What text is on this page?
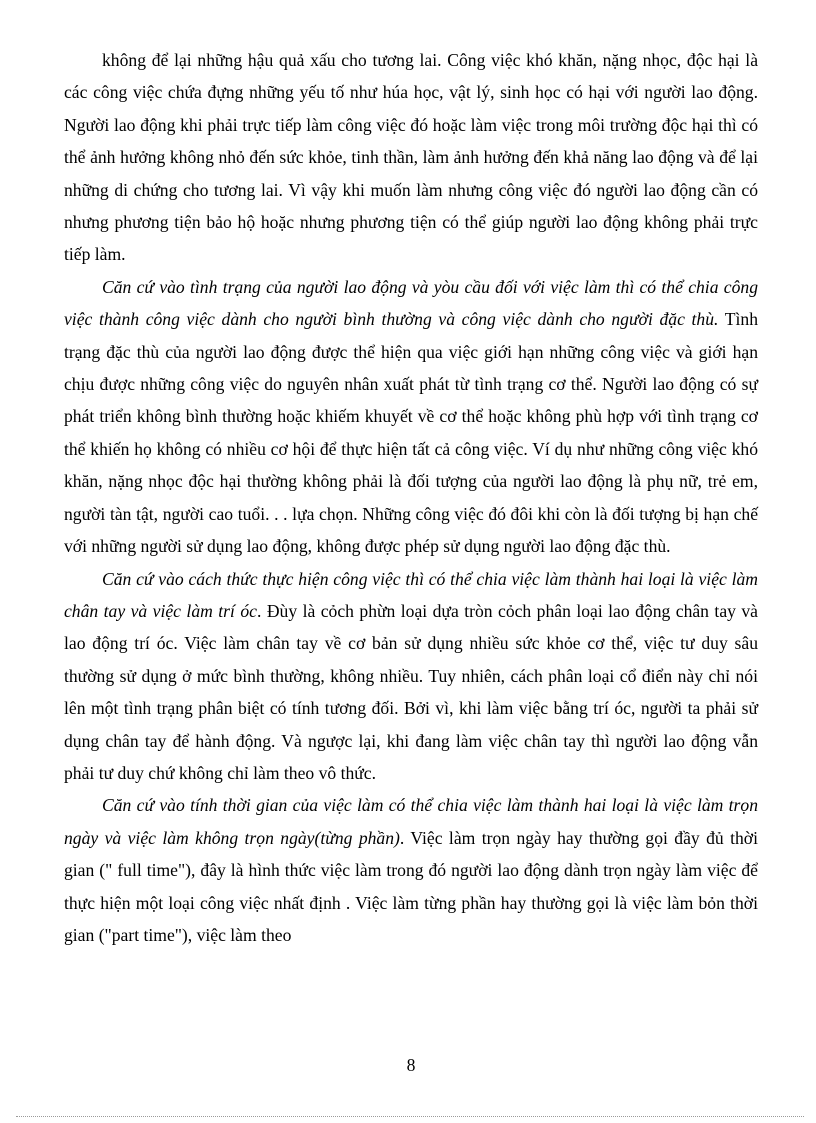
không để lại những hậu quả xấu cho tương lai. Công việc khó khăn, nặng nhọc, độc hại là các công việc chứa đựng những yếu tố như húa học, vật lý, sinh học có hại với người lao động. Người lao động khi phải trực tiếp làm công việc đó hoặc làm việc trong môi trường độc hại thì có thể ảnh hưởng không nhỏ đến sức khỏe, tinh thần, làm ảnh hưởng đến khả năng lao động và để lại những di chứng cho tương lai. Vì vậy khi muốn làm nhưng công việc đó người lao động cần có nhưng phương tiện bảo hộ hoặc nhưng phương tiện có thể giúp người lao động không phải trực tiếp làm.

Căn cứ vào tình trạng của người lao động và yòu cầu đối với việc làm thì có thể chia công việc thành công việc dành cho người bình thường và công việc dành cho người đặc thù. Tình trạng đặc thù của người lao động được thể hiện qua việc giới hạn những công việc và giới hạn chịu được những công việc do nguyên nhân xuất phát từ tình trạng cơ thể. Người lao động có sự phát triển không bình thường hoặc khiếm khuyết về cơ thể hoặc không phù hợp với tình trạng cơ thể khiến họ không có nhiều cơ hội để thực hiện tất cả công việc. Ví dụ như những công việc khó khăn, nặng nhọc độc hại thường không phải là đối tượng của người lao động là phụ nữ, trẻ em, người tàn tật, người cao tuổi. . . lựa chọn. Những công việc đó đôi khi còn là đối tượng bị hạn chế với những người sử dụng lao động, không được phép sử dụng người lao động đặc thù.

Căn cứ vào cách thức thực hiện công việc thì có thể chia việc làm thành hai loại là việc làm chân tay và việc làm trí óc. Đùy là cỏch phừn loại dựa tròn cỏch phân loại lao động chân tay và lao động trí óc. Việc làm chân tay về cơ bản sử dụng nhiều sức khỏe cơ thể, việc tư duy sâu thường sử dụng ở mức bình thường, không nhiều. Tuy nhiên, cách phân loại cổ điển này chỉ nói lên một tình trạng phân biệt có tính tương đối. Bởi vì, khi làm việc bằng trí óc, người ta phải sử dụng chân tay để hành động. Và ngược lại, khi đang làm việc chân tay thì người lao động vẫn phải tư duy chứ không chỉ làm theo vô thức.

Căn cứ vào tính thời gian của việc làm có thể chia việc làm thành hai loại là việc làm trọn ngày và việc làm không trọn ngày(từng phần). Việc làm trọn ngày hay thường gọi đầy đủ thời gian (" full time"), đây là hình thức việc làm trong đó người lao động dành trọn ngày làm việc để thực hiện một loại công việc nhất định . Việc làm từng phần hay thường gọi là việc làm bỏn thời gian ("part time"), việc làm theo

8
